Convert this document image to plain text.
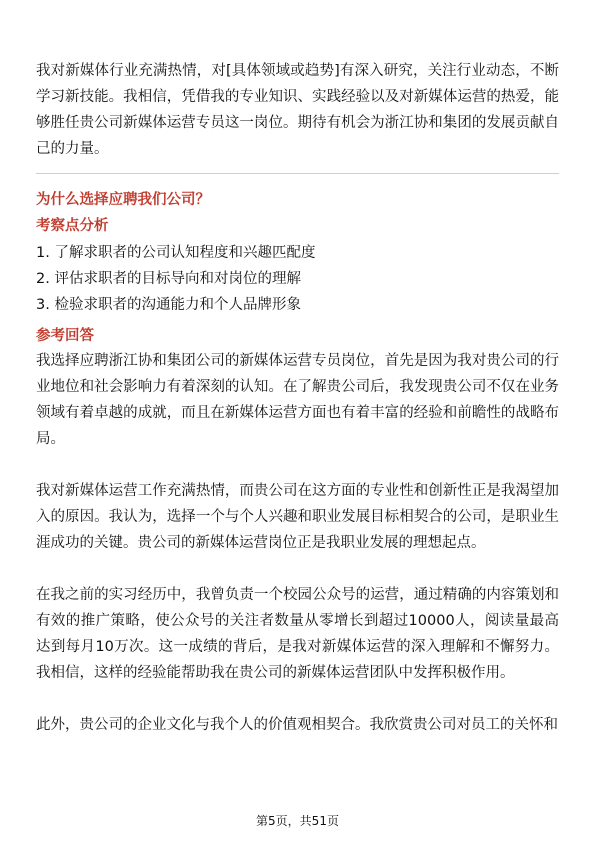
我对新媒体行业充满热情，对[具体领域或趋势]有深入研究，关注行业动态，不断学习新技能。我相信，凭借我的专业知识、实践经验以及对新媒体运营的热爱，能够胜任贵公司新媒体运营专员这一岗位。期待有机会为浙江协和集团的发展贡献自己的力量。

为什么选择应聘我们公司？

考察点分析

1. 了解求职者的公司认知程度和兴趣匹配度
2. 评估求职者的目标导向和对岗位的理解
3. 检验求职者的沟通能力和个人品牌形象

参考回答

我选择应聘浙江协和集团公司的新媒体运营专员岗位，首先是因为我对贵公司的行业地位和社会影响力有着深刻的认知。在了解贵公司后，我发现贵公司不仅在业务领域有着卓越的成就，而且在新媒体运营方面也有着丰富的经验和前瞻性的战略布局。

我对新媒体运营工作充满热情，而贵公司在这方面的专业性和创新性正是我渴望加入的原因。我认为，选择一个与个人兴趣和职业发展目标相契合的公司，是职业生涯成功的关键。贵公司的新媒体运营岗位正是我职业发展的理想起点。

在我之前的实习经历中，我曾负责一个校园公众号的运营，通过精确的内容策划和有效的推广策略，使公众号的关注者数量从零增长到超过10000人，阅读量最高达到每月10万次。这一成绩的背后，是我对新媒体运营的深入理解和不懈努力。我相信，这样的经验能帮助我在贵公司的新媒体运营团队中发挥积极作用。

此外，贵公司的企业文化与我个人的价值观相契合。我欣赏贵公司对员工的关怀和

第5页，共51页
